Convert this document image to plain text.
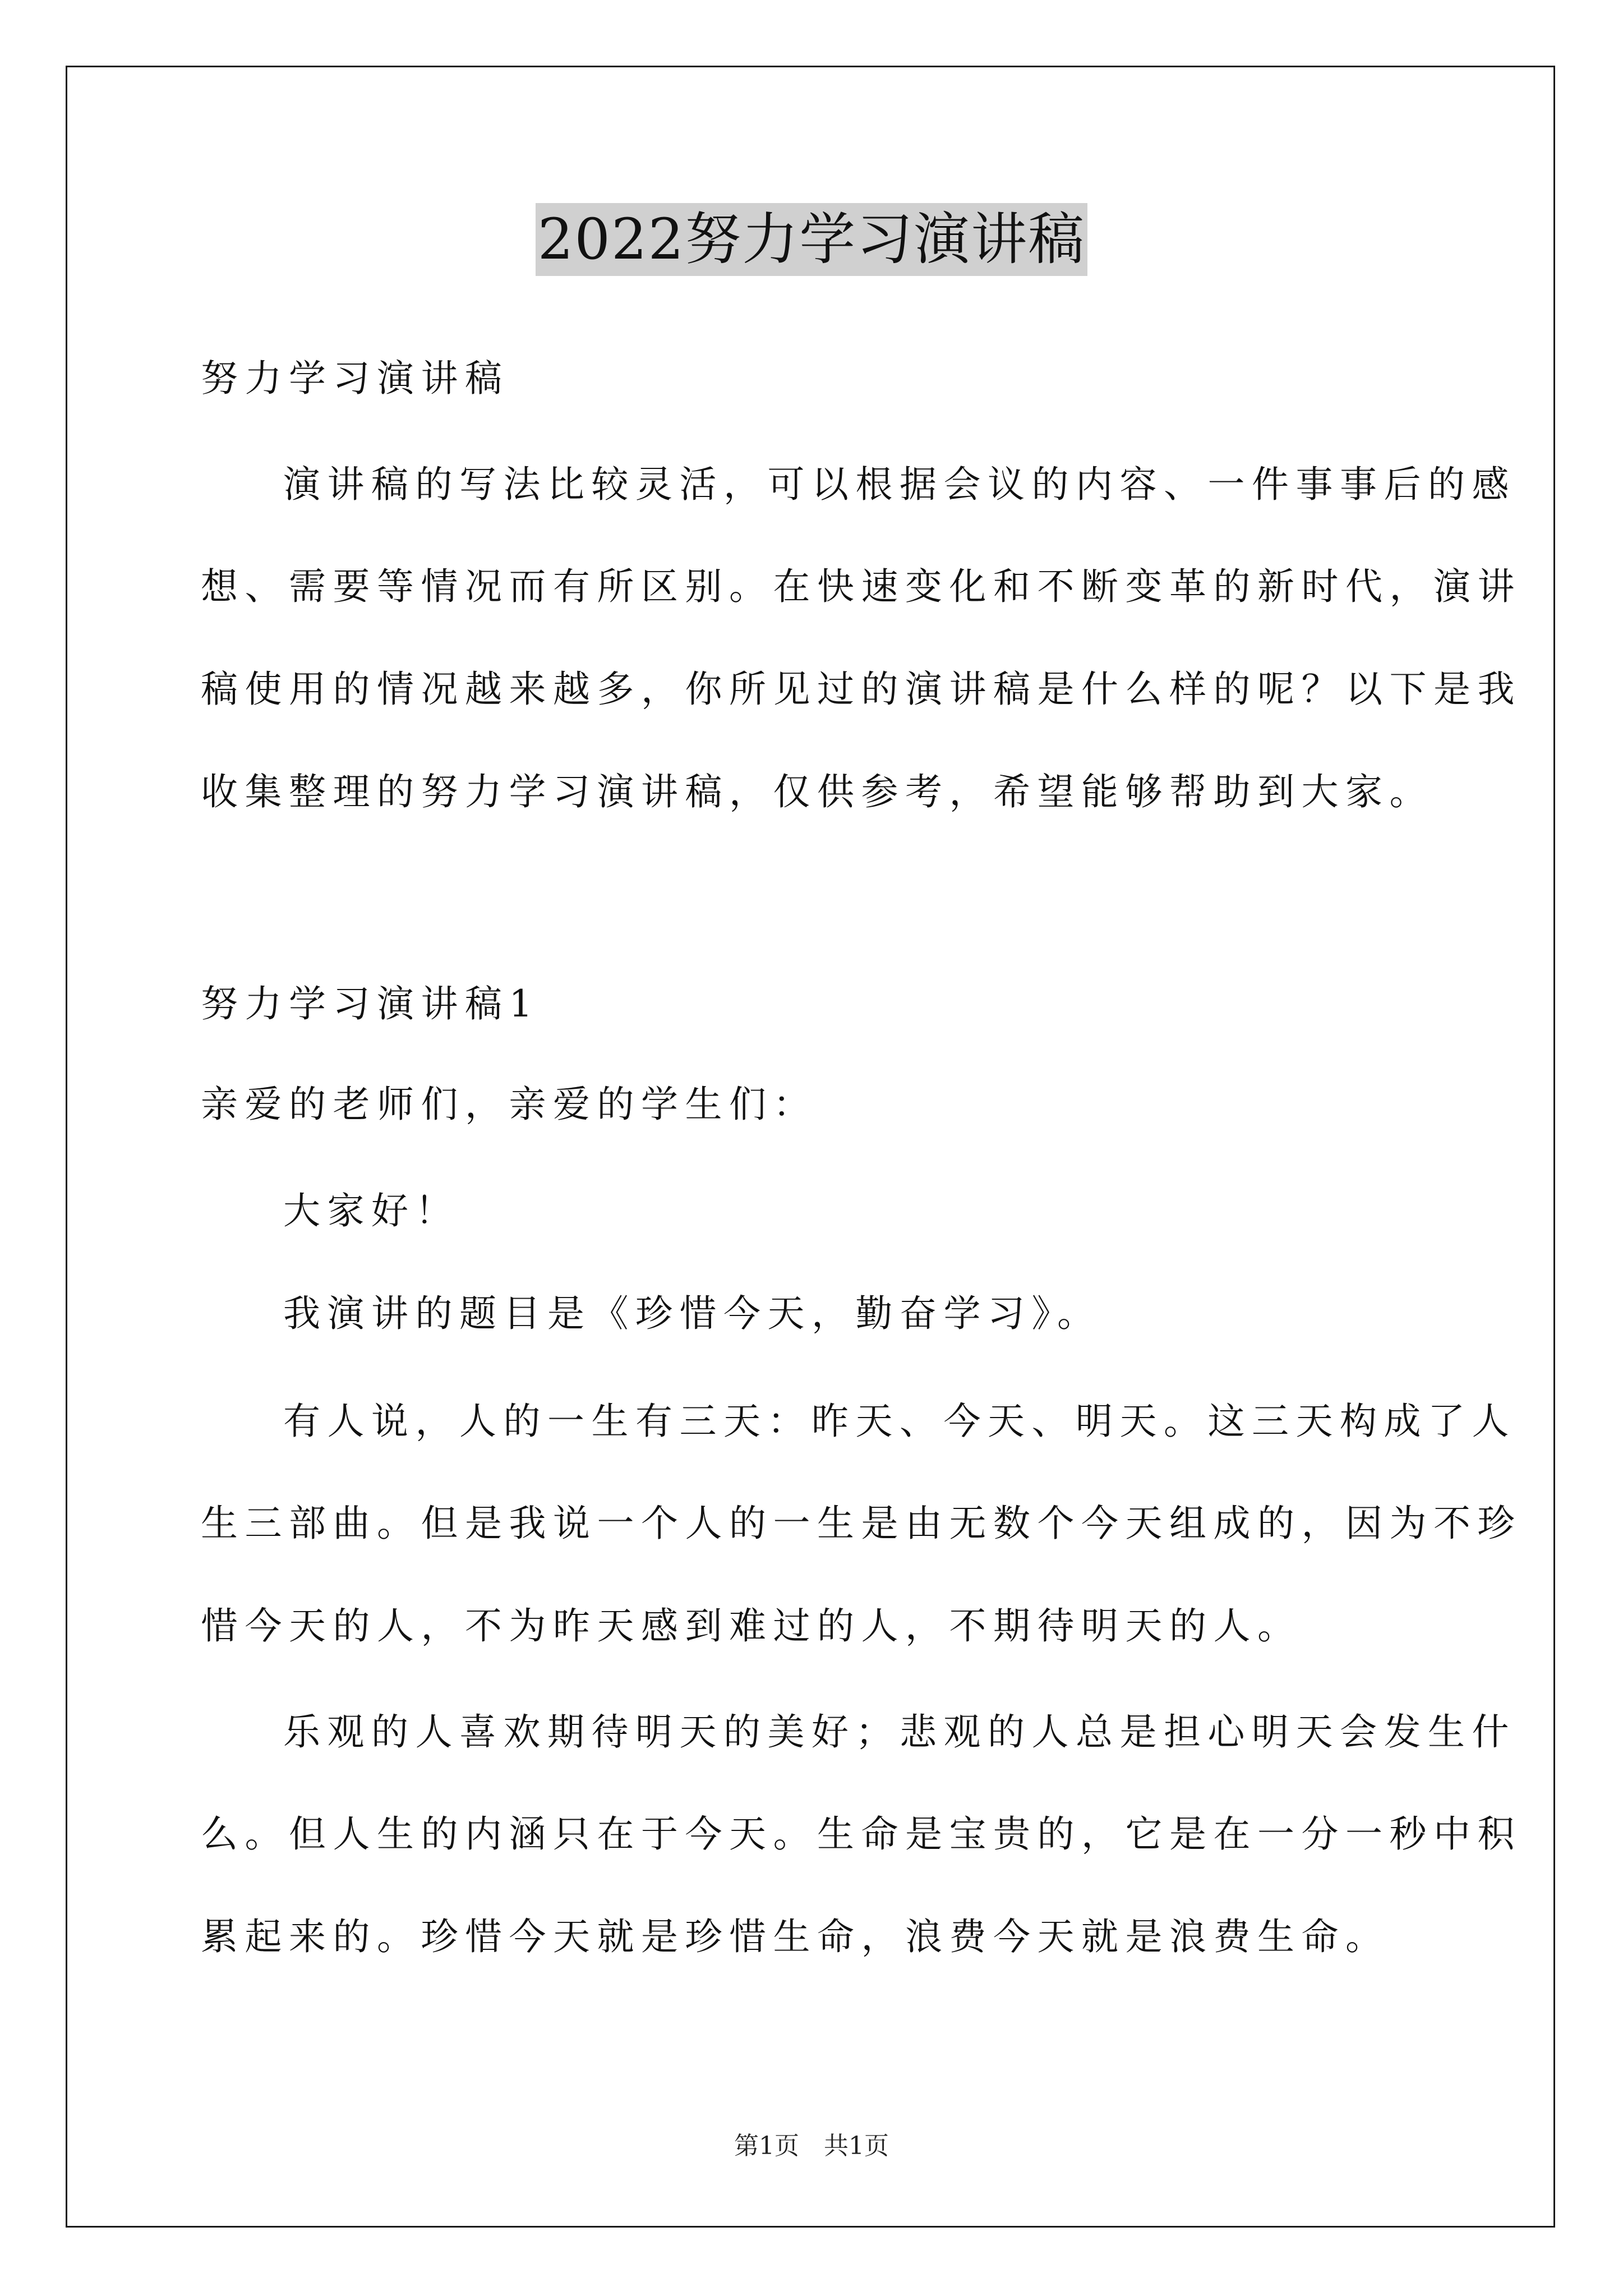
2022努力学习演讲稿
努力学习演讲稿
演讲稿的写法比较灵活，可以根据会议的内容、一件事事后的感
想、需要等情况而有所区别。在快速变化和不断变革的新时代，演讲
稿使用的情况越来越多，你所见过的演讲稿是什么样的呢？以下是我
收集整理的努力学习演讲稿，仅供参考，希望能够帮助到大家。
努力学习演讲稿1
亲爱的老师们，亲爱的学生们：
大家好！
我演讲的题目是《珍惜今天，勤奋学习》。
有人说，人的一生有三天：昨天、今天、明天。这三天构成了人
生三部曲。但是我说一个人的一生是由无数个今天组成的，因为不珍
惜今天的人，不为昨天感到难过的人，不期待明天的人。
乐观的人喜欢期待明天的美好；悲观的人总是担心明天会发生什
么。但人生的内涵只在于今天。生命是宝贵的，它是在一分一秒中积
累起来的。珍惜今天就是珍惜生命，浪费今天就是浪费生命。
第1页　共1页
